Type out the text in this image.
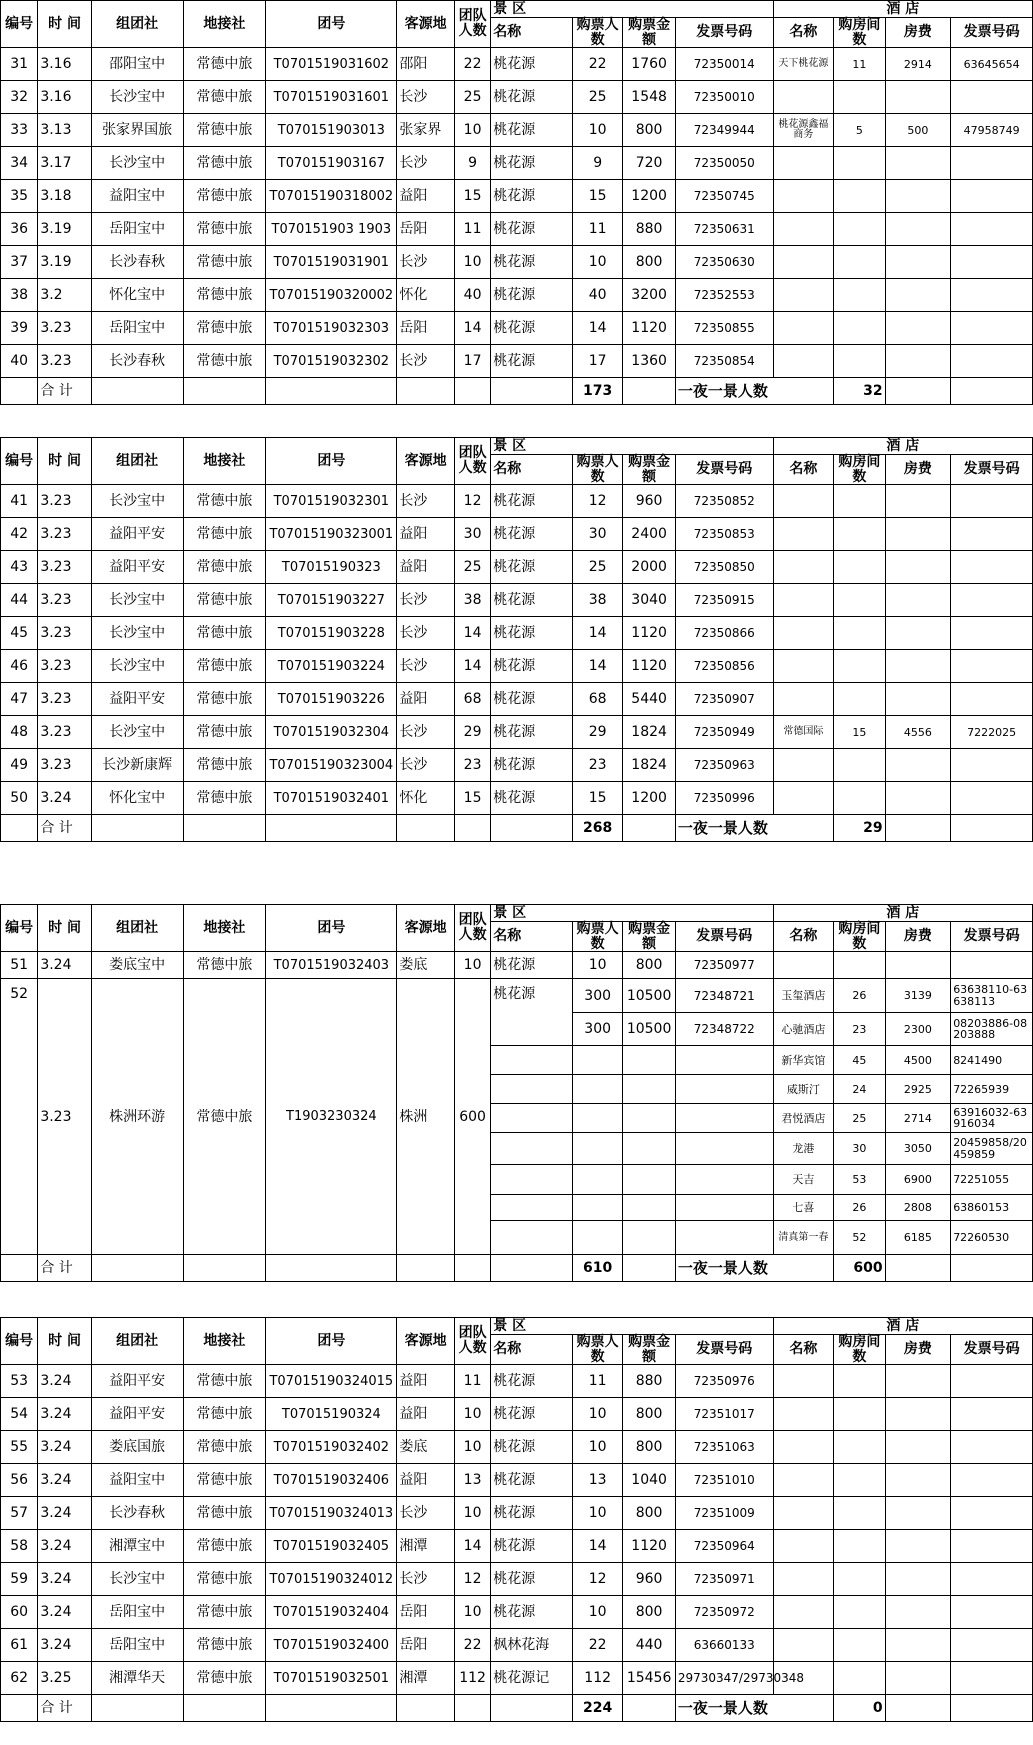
编号	时 间	组团社	地接社	团号	客源地	团队人数	景 区				酒 店			
							名称	购票人数	购票金额	发票号码	名称	购房间数	房费	发票号码
31	3.16	邵阳宝中	常德中旅	T0701519031602	邵阳	22	桃花源	22	1760	72350014	天下桃花源	11	2914	63645654
32	3.16	长沙宝中	常德中旅	T0701519031601	长沙	25	桃花源	25	1548	72350010				
33	3.13	张家界国旅	常德中旅	T070151903013	张家界	10	桃花源	10	800	72349944	桃花源鑫福商务	5	500	47958749
34	3.17	长沙宝中	常德中旅	T070151903167	长沙	9	桃花源	9	720	72350050				
35	3.18	益阳宝中	常德中旅	T07015190318002	益阳	15	桃花源	15	1200	72350745				
36	3.19	岳阳宝中	常德中旅	T070151903 1903	岳阳	11	桃花源	11	880	72350631				
37	3.19	长沙春秋	常德中旅	T0701519031901	长沙	10	桃花源	10	800	72350630				
38	3.2	怀化宝中	常德中旅	T07015190320002	怀化	40	桃花源	40	3200	72352553				
39	3.23	岳阳宝中	常德中旅	T0701519032303	岳阳	14	桃花源	14	1120	72350855				
40	3.23	长沙春秋	常德中旅	T0701519032302	长沙	17	桃花源	17	1360	72350854				
	合 计							173		一夜一景人数		32		
编号	时 间	组团社	地接社	团号	客源地	团队人数	景 区				酒 店			
							名称	购票人数	购票金额	发票号码	名称	购房间数	房费	发票号码
41	3.23	长沙宝中	常德中旅	T0701519032301	长沙	12	桃花源	12	960	72350852				
42	3.23	益阳平安	常德中旅	T07015190323001	益阳	30	桃花源	30	2400	72350853				
43	3.23	益阳平安	常德中旅	T07015190323	益阳	25	桃花源	25	2000	72350850				
44	3.23	长沙宝中	常德中旅	T070151903227	长沙	38	桃花源	38	3040	72350915				
45	3.23	长沙宝中	常德中旅	T070151903228	长沙	14	桃花源	14	1120	72350866				
46	3.23	长沙宝中	常德中旅	T070151903224	长沙	14	桃花源	14	1120	72350856				
47	3.23	益阳平安	常德中旅	T070151903226	益阳	68	桃花源	68	5440	72350907				
48	3.23	长沙宝中	常德中旅	T0701519032304	长沙	29	桃花源	29	1824	72350949	常德国际	15	4556	7222025
49	3.23	长沙新康辉	常德中旅	T07015190323004	长沙	23	桃花源	23	1824	72350963				
50	3.24	怀化宝中	常德中旅	T0701519032401	怀化	15	桃花源	15	1200	72350996				
	合 计							268		一夜一景人数		29		
编号	时 间	组团社	地接社	团号	客源地	团队人数	景 区				酒 店			
							名称	购票人数	购票金额	发票号码	名称	购房间数	房费	发票号码
53	3.24	益阳平安	常德中旅	T07015190324015	益阳	11	桃花源	11	880	72350976				
54	3.24	益阳平安	常德中旅	T07015190324	益阳	10	桃花源	10	800	72351017				
55	3.24	娄底国旅	常德中旅	T0701519032402	娄底	10	桃花源	10	800	72351063				
56	3.24	益阳宝中	常德中旅	T0701519032406	益阳	13	桃花源	13	1040	72351010				
57	3.24	长沙春秋	常德中旅	T07015190324013	长沙	10	桃花源	10	800	72351009				
58	3.24	湘潭宝中	常德中旅	T0701519032405	湘潭	14	桃花源	14	1120	72350964				
59	3.24	长沙宝中	常德中旅	T07015190324012	长沙	12	桃花源	12	960	72350971				
60	3.24	岳阳宝中	常德中旅	T0701519032404	岳阳	10	桃花源	10	800	72350972				
61	3.24	岳阳宝中	常德中旅	T0701519032400	岳阳	22	枫林花海	22	440	63660133				
62	3.25	湘潭华天	常德中旅	T0701519032501	湘潭	112	桃花源记	112	15456	29730347/29730348				
	合 计							224		一夜一景人数		0		
编号	时 间	组团社	地接社	团号	客源地	团队人数	景 区				酒 店			
							名称	购票人数	购票金额	发票号码	名称	购房间数	房费	发票号码
51	3.24	娄底宝中	常德中旅	T0701519032403	娄底	10	桃花源	10	800	72350977				
52	3.23	株洲环游	常德中旅	T1903230324	株洲	600	桃花源	300	10500	72348721	玉玺酒店	26	3139	63638110-63638113
								300	10500	72348722	心驰酒店	23	2300	08203886-08203888
											新华宾馆	45	4500	8241490
											威斯汀	24	2925	72265939
											君悦酒店	25	2714	63916032-63916034
											龙港	30	3050	20459858/20459859
											天吉	53	6900	72251055
											七喜	26	2808	63860153
											清真第一春	52	6185	72260530
	合 计							610		一夜一景人数		600		
